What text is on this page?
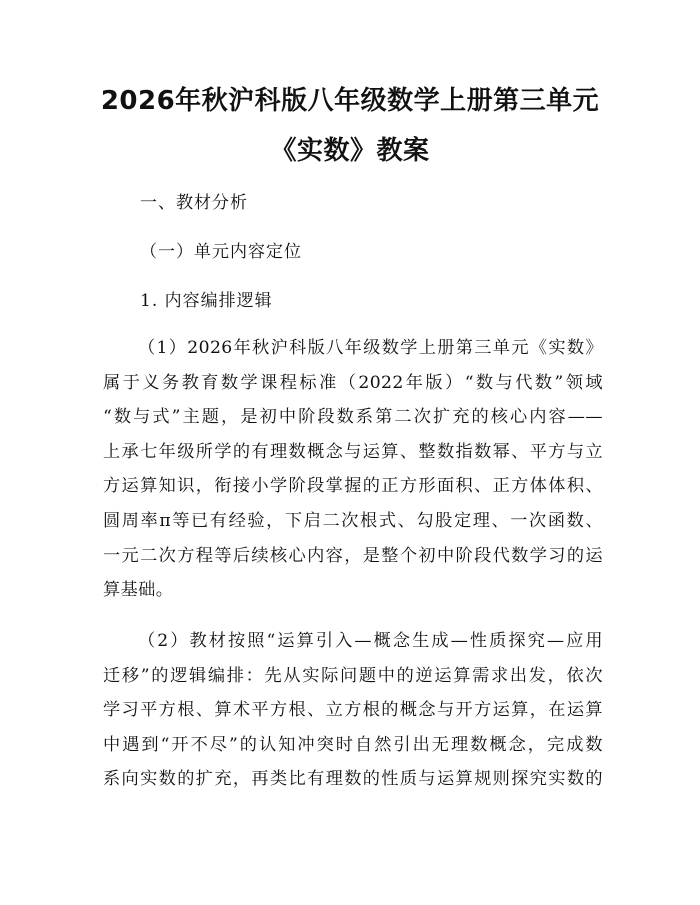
2026年秋沪科版八年级数学上册第三单元
《实数》教案
一、教材分析
（一）单元内容定位
1. 内容编排逻辑
（1）2026年秋沪科版八年级数学上册第三单元《实数》
属于义务教育数学课程标准（2022年版）“数与代数”领域
“数与式”主题，是初中阶段数系第二次扩充的核心内容——
上承七年级所学的有理数概念与运算、整数指数幂、平方与立
方运算知识，衔接小学阶段掌握的正方形面积、正方体体积、
圆周率π等已有经验，下启二次根式、勾股定理、一次函数、
一元二次方程等后续核心内容，是整个初中阶段代数学习的运
算基础。
（2）教材按照“运算引入—概念生成—性质探究—应用
迁移”的逻辑编排：先从实际问题中的逆运算需求出发，依次
学习平方根、算术平方根、立方根的概念与开方运算，在运算
中遇到“开不尽”的认知冲突时自然引出无理数概念，完成数
系向实数的扩充，再类比有理数的性质与运算规则探究实数的
